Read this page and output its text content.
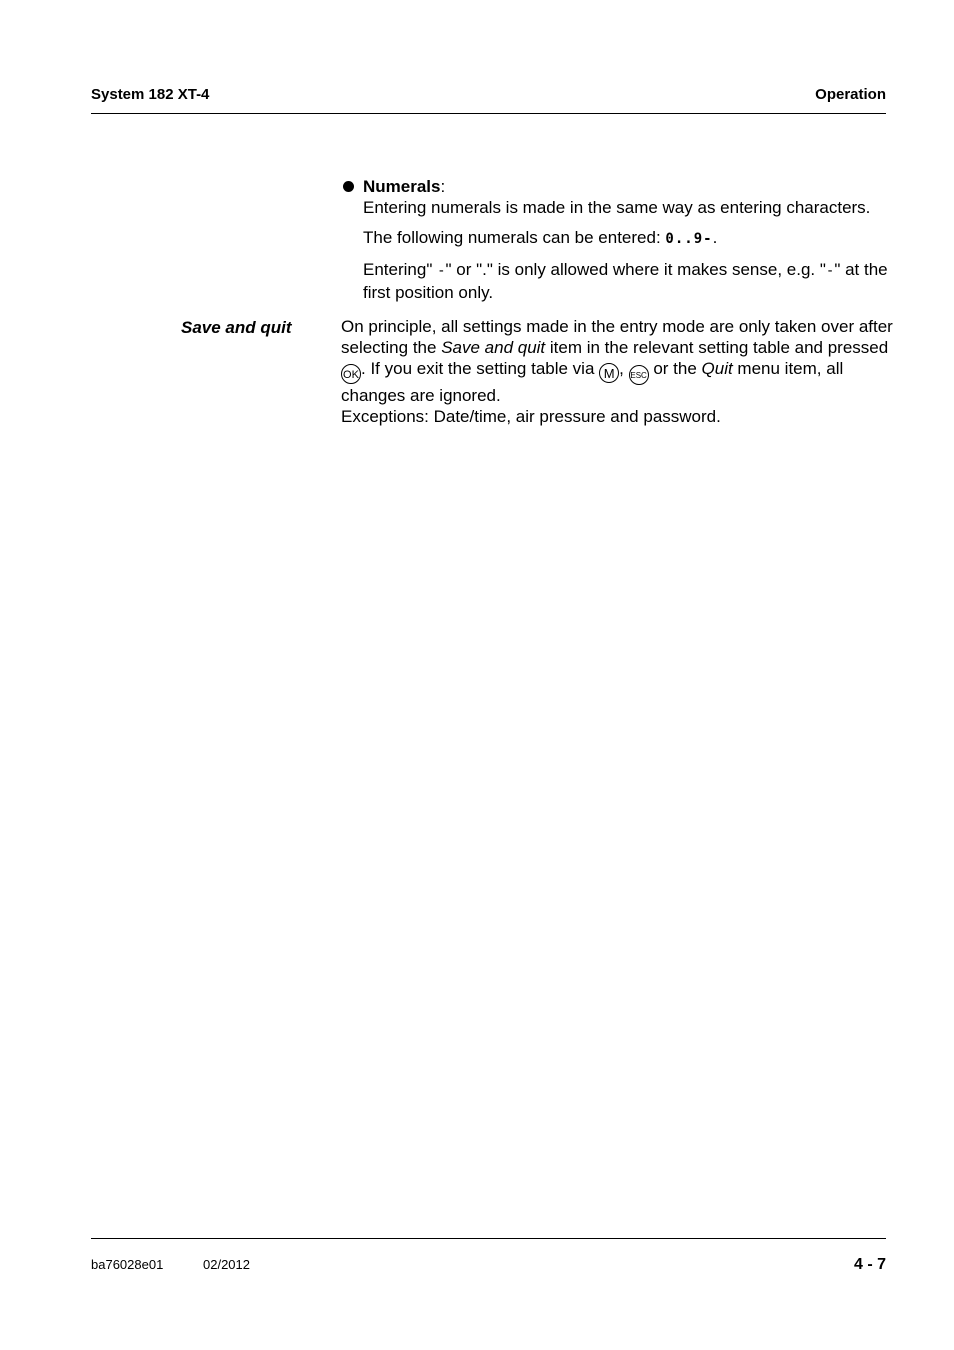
System 182 XT-4	Operation

Numerals:
Entering numerals is made in the same way as entering characters.

The following numerals can be entered: 0..9-.

Entering" -" or "." is only allowed where it makes sense, e.g. "-" at the first position only.

Save and quit	On principle, all settings made in the entry mode are only taken over after selecting the Save and quit item in the relevant setting table and pressed OK . If you exit the setting table via M , ESC or the Quit menu item, all changes are ignored.
Exceptions: Date/time, air pressure and password.

ba76028e01	02/2012	4 - 7
